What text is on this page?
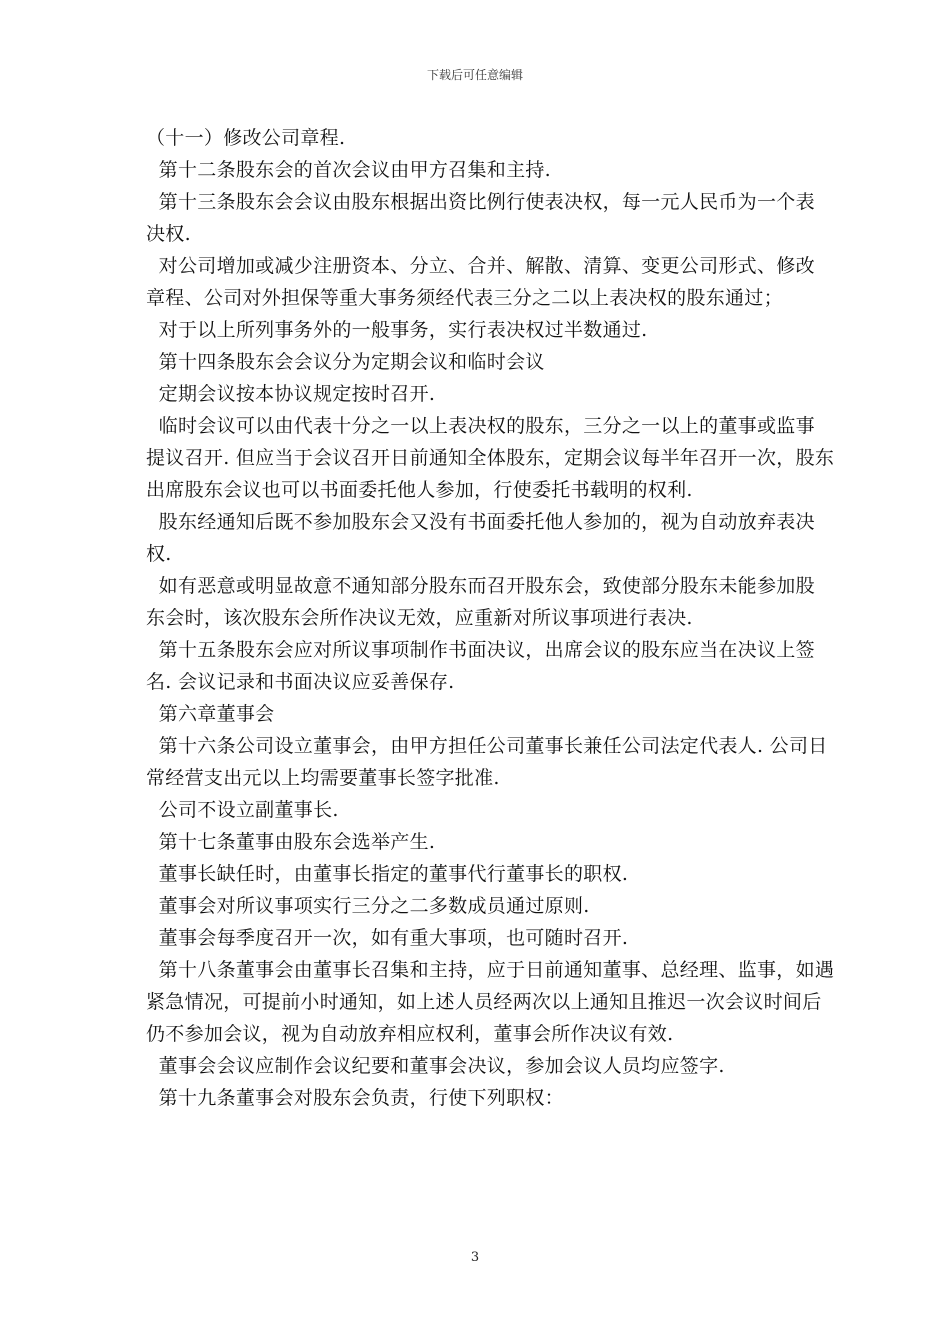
下载后可任意编辑
（十一）修改公司章程.
第十二条股东会的首次会议由甲方召集和主持.
第十三条股东会会议由股东根据出资比例行使表决权，每一元人民币为一个表
决权.
对公司增加或减少注册资本、分立、合并、解散、清算、变更公司形式、修改
章程、公司对外担保等重大事务须经代表三分之二以上表决权的股东通过；
对于以上所列事务外的一般事务，实行表决权过半数通过.
第十四条股东会会议分为定期会议和临时会议
定期会议按本协议规定按时召开.
临时会议可以由代表十分之一以上表决权的股东，三分之一以上的董事或监事
提议召开. 但应当于会议召开日前通知全体股东，定期会议每半年召开一次，股东
出席股东会议也可以书面委托他人参加，行使委托书载明的权利.
股东经通知后既不参加股东会又没有书面委托他人参加的，视为自动放弃表决
权.
如有恶意或明显故意不通知部分股东而召开股东会，致使部分股东未能参加股
东会时，该次股东会所作决议无效，应重新对所议事项进行表决.
第十五条股东会应对所议事项制作书面决议，出席会议的股东应当在决议上签
名. 会议记录和书面决议应妥善保存.
第六章董事会
第十六条公司设立董事会，由甲方担任公司董事长兼任公司法定代表人. 公司日
常经营支出元以上均需要董事长签字批准.
公司不设立副董事长.
第十七条董事由股东会选举产生.
董事长缺任时，由董事长指定的董事代行董事长的职权.
董事会对所议事项实行三分之二多数成员通过原则.
董事会每季度召开一次，如有重大事项，也可随时召开.
第十八条董事会由董事长召集和主持，应于日前通知董事、总经理、监事，如遇
紧急情况，可提前小时通知，如上述人员经两次以上通知且推迟一次会议时间后
仍不参加会议，视为自动放弃相应权利，董事会所作决议有效.
董事会会议应制作会议纪要和董事会决议，参加会议人员均应签字.
第十九条董事会对股东会负责，行使下列职权：
3
